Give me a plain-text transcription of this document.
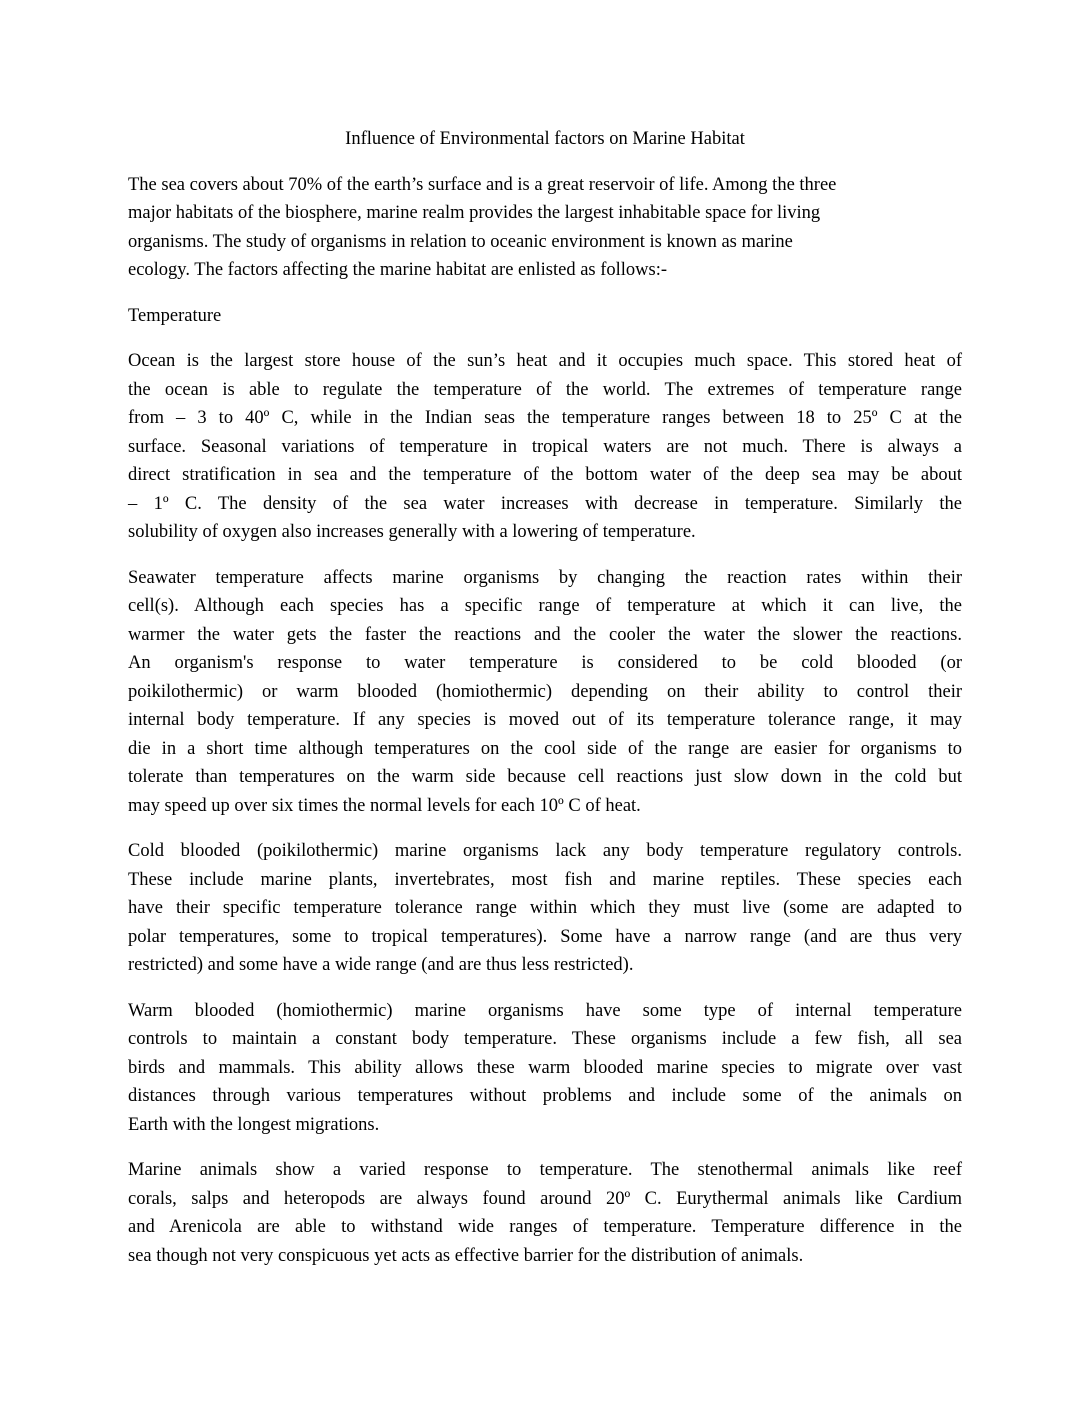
Influence of Environmental factors on Marine Habitat
The sea covers about 70% of the earth’s surface and is a great reservoir of life. Among the three
major habitats of the biosphere, marine realm provides the largest inhabitable space for living
organisms. The study of organisms in relation to oceanic environment is known as marine
ecology. The factors affecting the marine habitat are enlisted as follows:-
Temperature
Ocean is the largest store house of the sun’s heat and it occupies much space. This stored heat of
the ocean is able to regulate the temperature of the world. The extremes of temperature range
from – 3 to 40º C, while in the Indian seas the temperature ranges between 18 to 25º C at the
surface. Seasonal variations of temperature in tropical waters are not much. There is always a
direct stratification in sea and the temperature of the bottom water of the deep sea may be about
– 1º C. The density of the sea water increases with decrease in temperature. Similarly the
solubility of oxygen also increases generally with a lowering of temperature.
Seawater temperature affects marine organisms by changing the reaction rates within their
cell(s). Although each species has a specific range of temperature at which it can live, the
warmer the water gets the faster the reactions and the cooler the water the slower the reactions.
An organism's response to water temperature is considered to be cold blooded (or
poikilothermic) or warm blooded (homiothermic) depending on their ability to control their
internal body temperature. If any species is moved out of its temperature tolerance range, it may
die in a short time although temperatures on the cool side of the range are easier for organisms to
tolerate than temperatures on the warm side because cell reactions just slow down in the cold but
may speed up over six times the normal levels for each 10º C of heat.
Cold blooded (poikilothermic) marine organisms lack any body temperature regulatory controls.
These include marine plants, invertebrates, most fish and marine reptiles. These species each
have their specific temperature tolerance range within which they must live (some are adapted to
polar temperatures, some to tropical temperatures). Some have a narrow range (and are thus very
restricted) and some have a wide range (and are thus less restricted).
Warm blooded (homiothermic) marine organisms have some type of internal temperature
controls to maintain a constant body temperature. These organisms include a few fish, all sea
birds and mammals. This ability allows these warm blooded marine species to migrate over vast
distances through various temperatures without problems and include some of the animals on
Earth with the longest migrations.
Marine animals show a varied response to temperature. The stenothermal animals like reef
corals, salps and heteropods are always found around 20º C. Eurythermal animals like Cardium
and Arenicola are able to withstand wide ranges of temperature. Temperature difference in the
sea though not very conspicuous yet acts as effective barrier for the distribution of animals.
